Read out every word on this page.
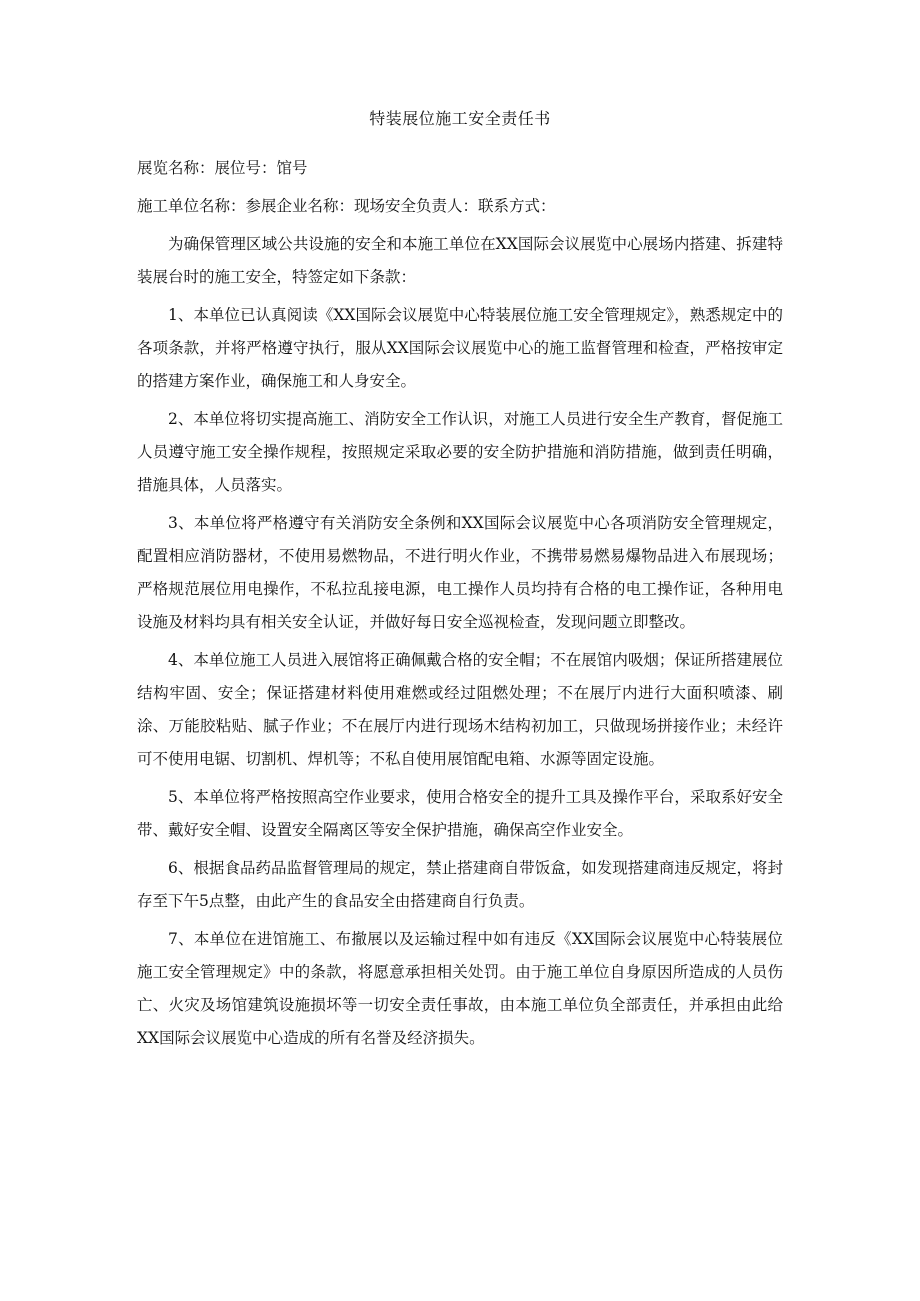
特装展位施工安全责任书

展览名称：展位号：馆号

施工单位名称：参展企业名称：现场安全负责人：联系方式：

为确保管理区域公共设施的安全和本施工单位在XX国际会议展览中心展场内搭建、拆建特装展台时的施工安全，特签定如下条款：

1、本单位已认真阅读《XX国际会议展览中心特装展位施工安全管理规定》，熟悉规定中的各项条款，并将严格遵守执行，服从XX国际会议展览中心的施工监督管理和检查，严格按审定的搭建方案作业，确保施工和人身安全。

2、本单位将切实提高施工、消防安全工作认识，对施工人员进行安全生产教育，督促施工人员遵守施工安全操作规程，按照规定采取必要的安全防护措施和消防措施，做到责任明确，措施具体，人员落实。

3、本单位将严格遵守有关消防安全条例和XX国际会议展览中心各项消防安全管理规定，配置相应消防器材，不使用易燃物品，不进行明火作业，不携带易燃易爆物品进入布展现场；严格规范展位用电操作，不私拉乱接电源，电工操作人员均持有合格的电工操作证，各种用电设施及材料均具有相关安全认证，并做好每日安全巡视检查，发现问题立即整改。

4、本单位施工人员进入展馆将正确佩戴合格的安全帽；不在展馆内吸烟；保证所搭建展位结构牢固、安全；保证搭建材料使用难燃或经过阻燃处理；不在展厅内进行大面积喷漆、刷涂、万能胶粘贴、腻子作业；不在展厅内进行现场木结构初加工，只做现场拼接作业；未经许可不使用电锯、切割机、焊机等；不私自使用展馆配电箱、水源等固定设施。

5、本单位将严格按照高空作业要求，使用合格安全的提升工具及操作平台，采取系好安全带、戴好安全帽、设置安全隔离区等安全保护措施，确保高空作业安全。

6、根据食品药品监督管理局的规定，禁止搭建商自带饭盒，如发现搭建商违反规定，将封存至下午5点整，由此产生的食品安全由搭建商自行负责。

7、本单位在进馆施工、布撤展以及运输过程中如有违反《XX国际会议展览中心特装展位施工安全管理规定》中的条款，将愿意承担相关处罚。由于施工单位自身原因所造成的人员伤亡、火灾及场馆建筑设施损坏等一切安全责任事故，由本施工单位负全部责任，并承担由此给XX国际会议展览中心造成的所有名誉及经济损失。
